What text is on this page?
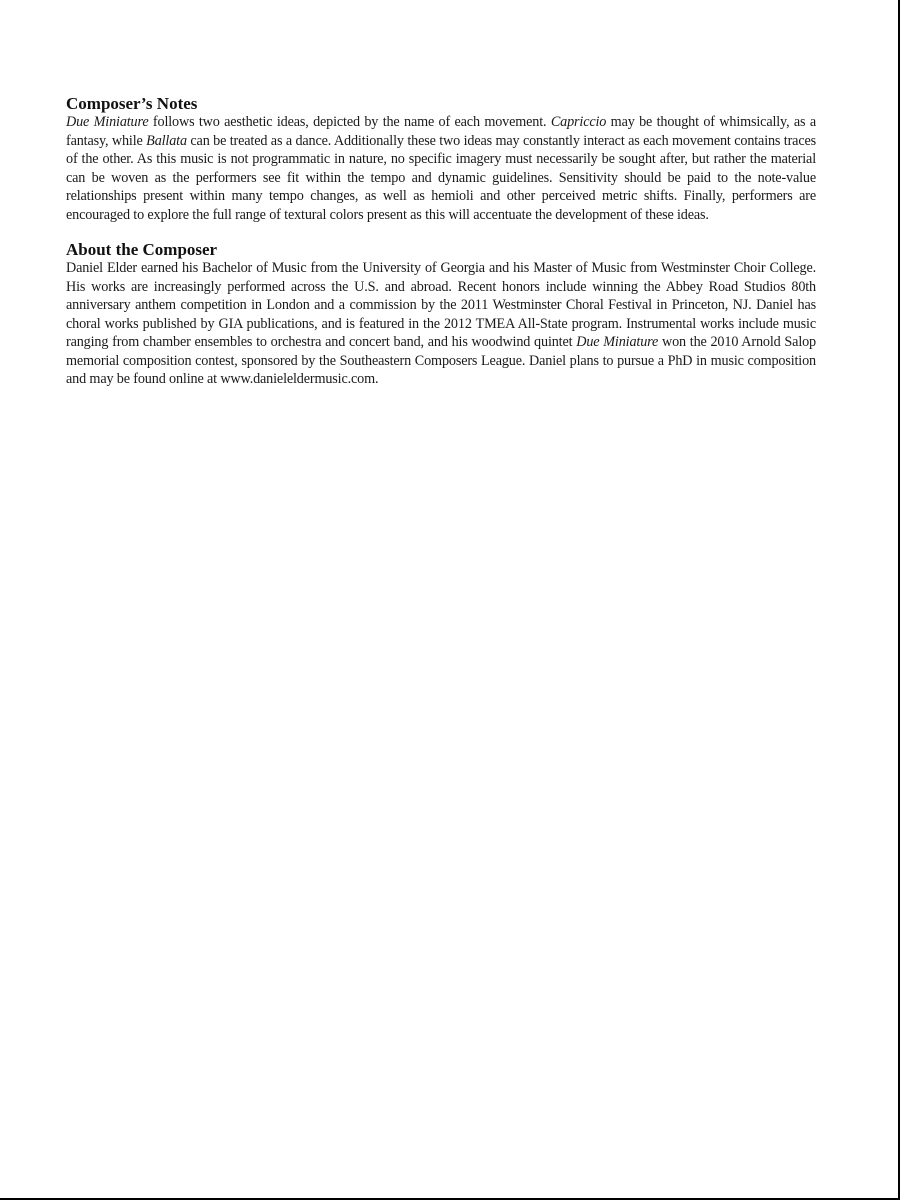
Composer’s Notes

Due Miniature follows two aesthetic ideas, depicted by the name of each movement. Capriccio may be thought of whimsically, as a fantasy, while Ballata can be treated as a dance. Additionally these two ideas may constantly interact as each movement contains traces of the other. As this music is not programmatic in nature, no specific imagery must necessarily be sought after, but rather the material can be woven as the performers see fit within the tempo and dynamic guidelines. Sensitivity should be paid to the note-value relationships present within many tempo changes, as well as hemioli and other perceived metric shifts. Finally, performers are encouraged to explore the full range of textural colors present as this will accentuate the development of these ideas.

About the Composer

Daniel Elder earned his Bachelor of Music from the University of Georgia and his Master of Music from Westminster Choir College. His works are increasingly performed across the U.S. and abroad. Recent honors include winning the Abbey Road Studios 80th anniversary anthem competition in London and a commission by the 2011 Westminster Choral Festival in Princeton, NJ. Daniel has choral works published by GIA publications, and is featured in the 2012 TMEA All-State program. Instrumental works include music ranging from chamber ensembles to orchestra and concert band, and his woodwind quintet Due Miniature won the 2010 Arnold Salop memorial composition contest, sponsored by the Southeastern Composers League. Daniel plans to pursue a PhD in music composition and may be found online at www.danieleldermusic.com.
